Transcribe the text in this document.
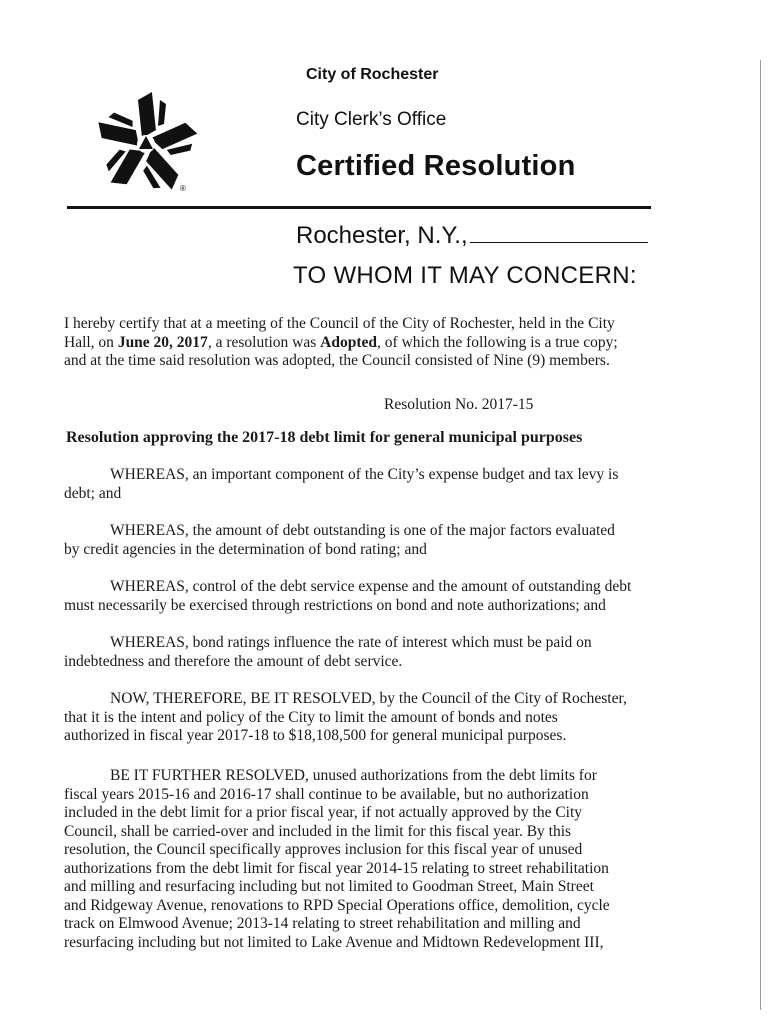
®
City of Rochester
City Clerk’s Office
Certified Resolution
Rochester, N.Y.,
TO WHOM IT MAY CONCERN:
I hereby certify that at a meeting of the Council of the City of Rochester, held in the City
Hall, on June 20, 2017, a resolution was Adopted, of which the following is a true copy;
and at the time said resolution was adopted, the Council consisted of Nine (9) members.
Resolution No. 2017-15
Resolution approving the 2017-18 debt limit for general municipal purposes
WHEREAS, an important component of the City’s expense budget and tax levy is
debt; and
WHEREAS, the amount of debt outstanding is one of the major factors evaluated
by credit agencies in the determination of bond rating; and
WHEREAS, control of the debt service expense and the amount of outstanding debt
must necessarily be exercised through restrictions on bond and note authorizations; and
WHEREAS, bond ratings influence the rate of interest which must be paid on
indebtedness and therefore the amount of debt service.
NOW, THEREFORE, BE IT RESOLVED, by the Council of the City of Rochester,
that it is the intent and policy of the City to limit the amount of bonds and notes
authorized in fiscal year 2017-18 to $18,108,500 for general municipal purposes.
BE IT FURTHER RESOLVED, unused authorizations from the debt limits for
fiscal years 2015-16 and 2016-17 shall continue to be available, but no authorization
included in the debt limit for a prior fiscal year, if not actually approved by the City
Council, shall be carried-over and included in the limit for this fiscal year. By this
resolution, the Council specifically approves inclusion for this fiscal year of unused
authorizations from the debt limit for fiscal year 2014-15 relating to street rehabilitation
and milling and resurfacing including but not limited to Goodman Street, Main Street
and Ridgeway Avenue, renovations to RPD Special Operations office, demolition, cycle
track on Elmwood Avenue; 2013-14 relating to street rehabilitation and milling and
resurfacing including but not limited to Lake Avenue and Midtown Redevelopment III,
